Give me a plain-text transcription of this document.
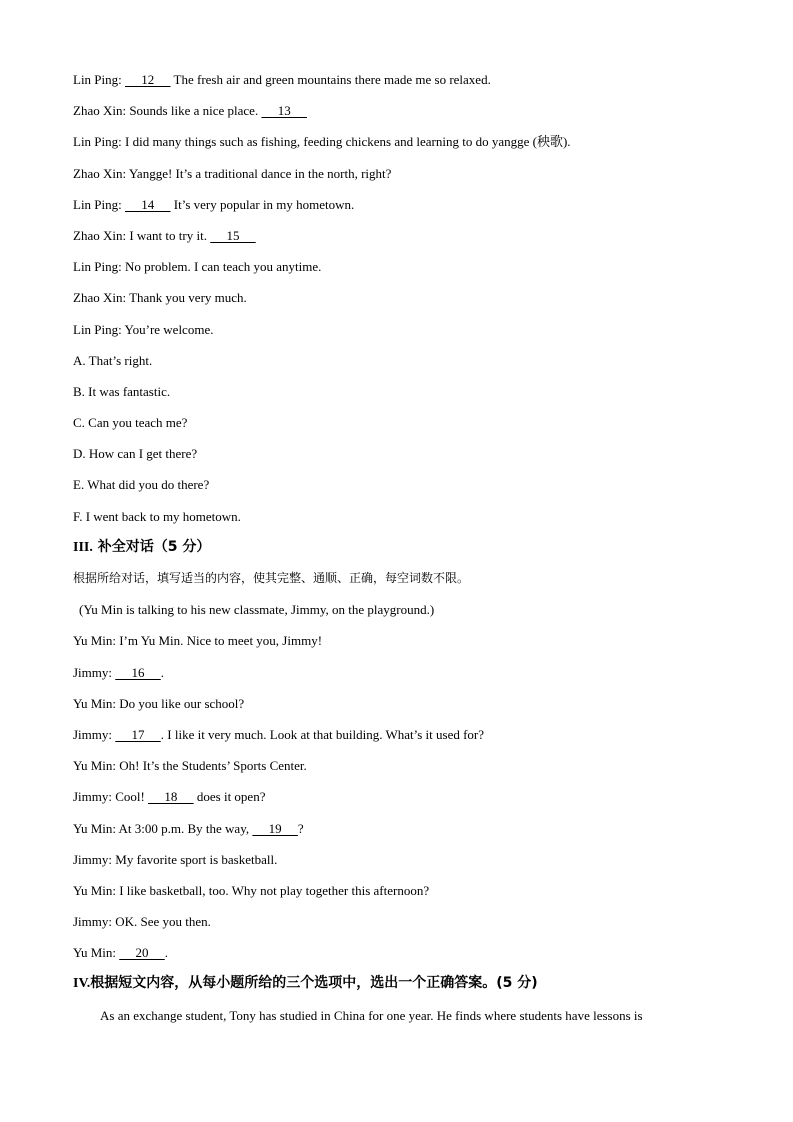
Lin Ping:      12      The fresh air and green mountains there made me so relaxed.
Zhao Xin: Sounds like a nice place.      13
Lin Ping: I did many things such as fishing, feeding chickens and learning to do yangge (秧歌).
Zhao Xin: Yangge! It’s a traditional dance in the north, right?
Lin Ping:      14      It’s very popular in my hometown.
Zhao Xin: I want to try it.      15
Lin Ping: No problem. I can teach you anytime.
Zhao Xin: Thank you very much.
Lin Ping: You’re welcome.
A. That’s right.
B. It was fantastic.
C. Can you teach me?
D. How can I get there?
E. What did you do there?
F. I went back to my hometown.
III. 补全对话（5 分）
根据所给对话，填写适当的内容，使其完整、通顺、正确，每空词数不限。
(Yu Min is talking to his new classmate, Jimmy, on the playground.)
Yu Min: I’m Yu Min. Nice to meet you, Jimmy!
Jimmy:      16     .
Yu Min: Do you like our school?
Jimmy:      17     . I like it very much. Look at that building. What’s it used for?
Yu Min: Oh! It’s the Students’ Sports Center.
Jimmy: Cool!      18      does it open?
Yu Min: At 3:00 p.m. By the way,      19     ?
Jimmy: My favorite sport is basketball.
Yu Min: I like basketball, too. Why not play together this afternoon?
Jimmy: OK. See you then.
Yu Min:      20     .
IV.根据短文内容，从每小题所给的三个选项中，选出一个正确答案。(5 分)
As an exchange student, Tony has studied in China for one year. He finds where students have lessons is
